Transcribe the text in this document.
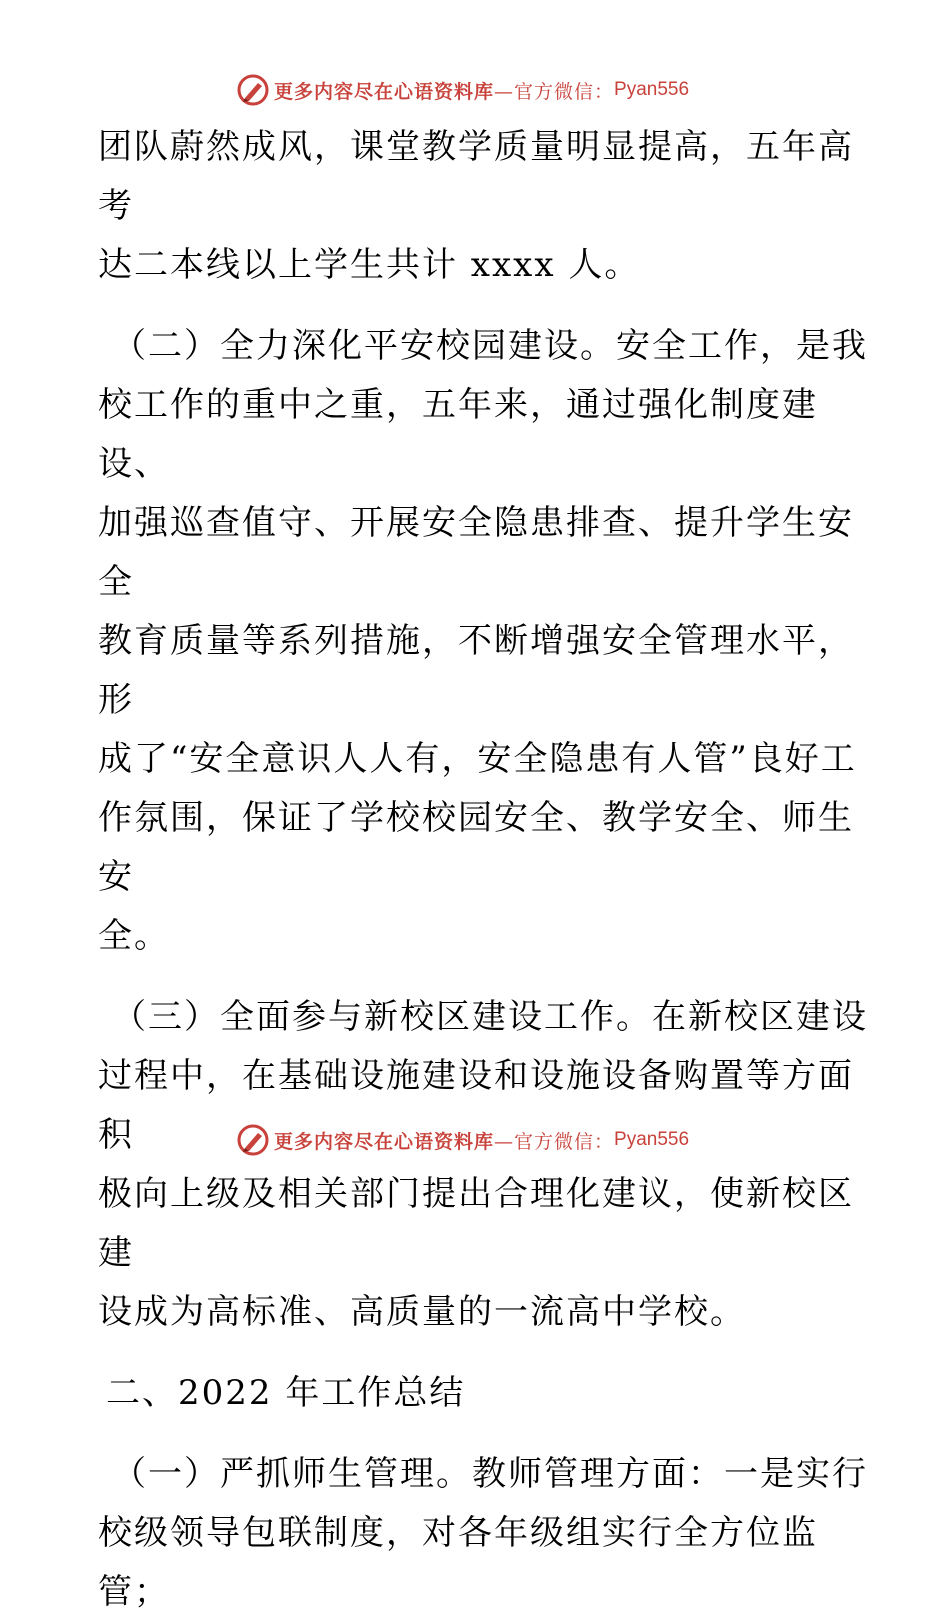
更多内容尽在心语资料库 —官方微信： Pyan556

团队蔚然成风，课堂教学质量明显提高，五年高考

达二本线以上学生共计 xxxx 人。

（二）全力深化平安校园建设。安全工作，是我

校工作的重中之重，五年来，通过强化制度建设、

加强巡查值守、开展安全隐患排查、提升学生安全

教育质量等系列措施，不断增强安全管理水平，形

成了“安全意识人人有，安全隐患有人管”良好工

作氛围，保证了学校校园安全、教学安全、师生安

全。

（三）全面参与新校区建设工作。在新校区建设

过程中，在基础设施建设和设施设备购置等方面积

极向上级及相关部门提出合理化建议，使新校区建

设成为高标准、高质量的一流高中学校。

二、2022 年工作总结

（一）严抓师生管理。教师管理方面：一是实行

校级领导包联制度，对各年级组实行全方位监管；

更多内容尽在心语资料库 —官方微信： Pyan556
